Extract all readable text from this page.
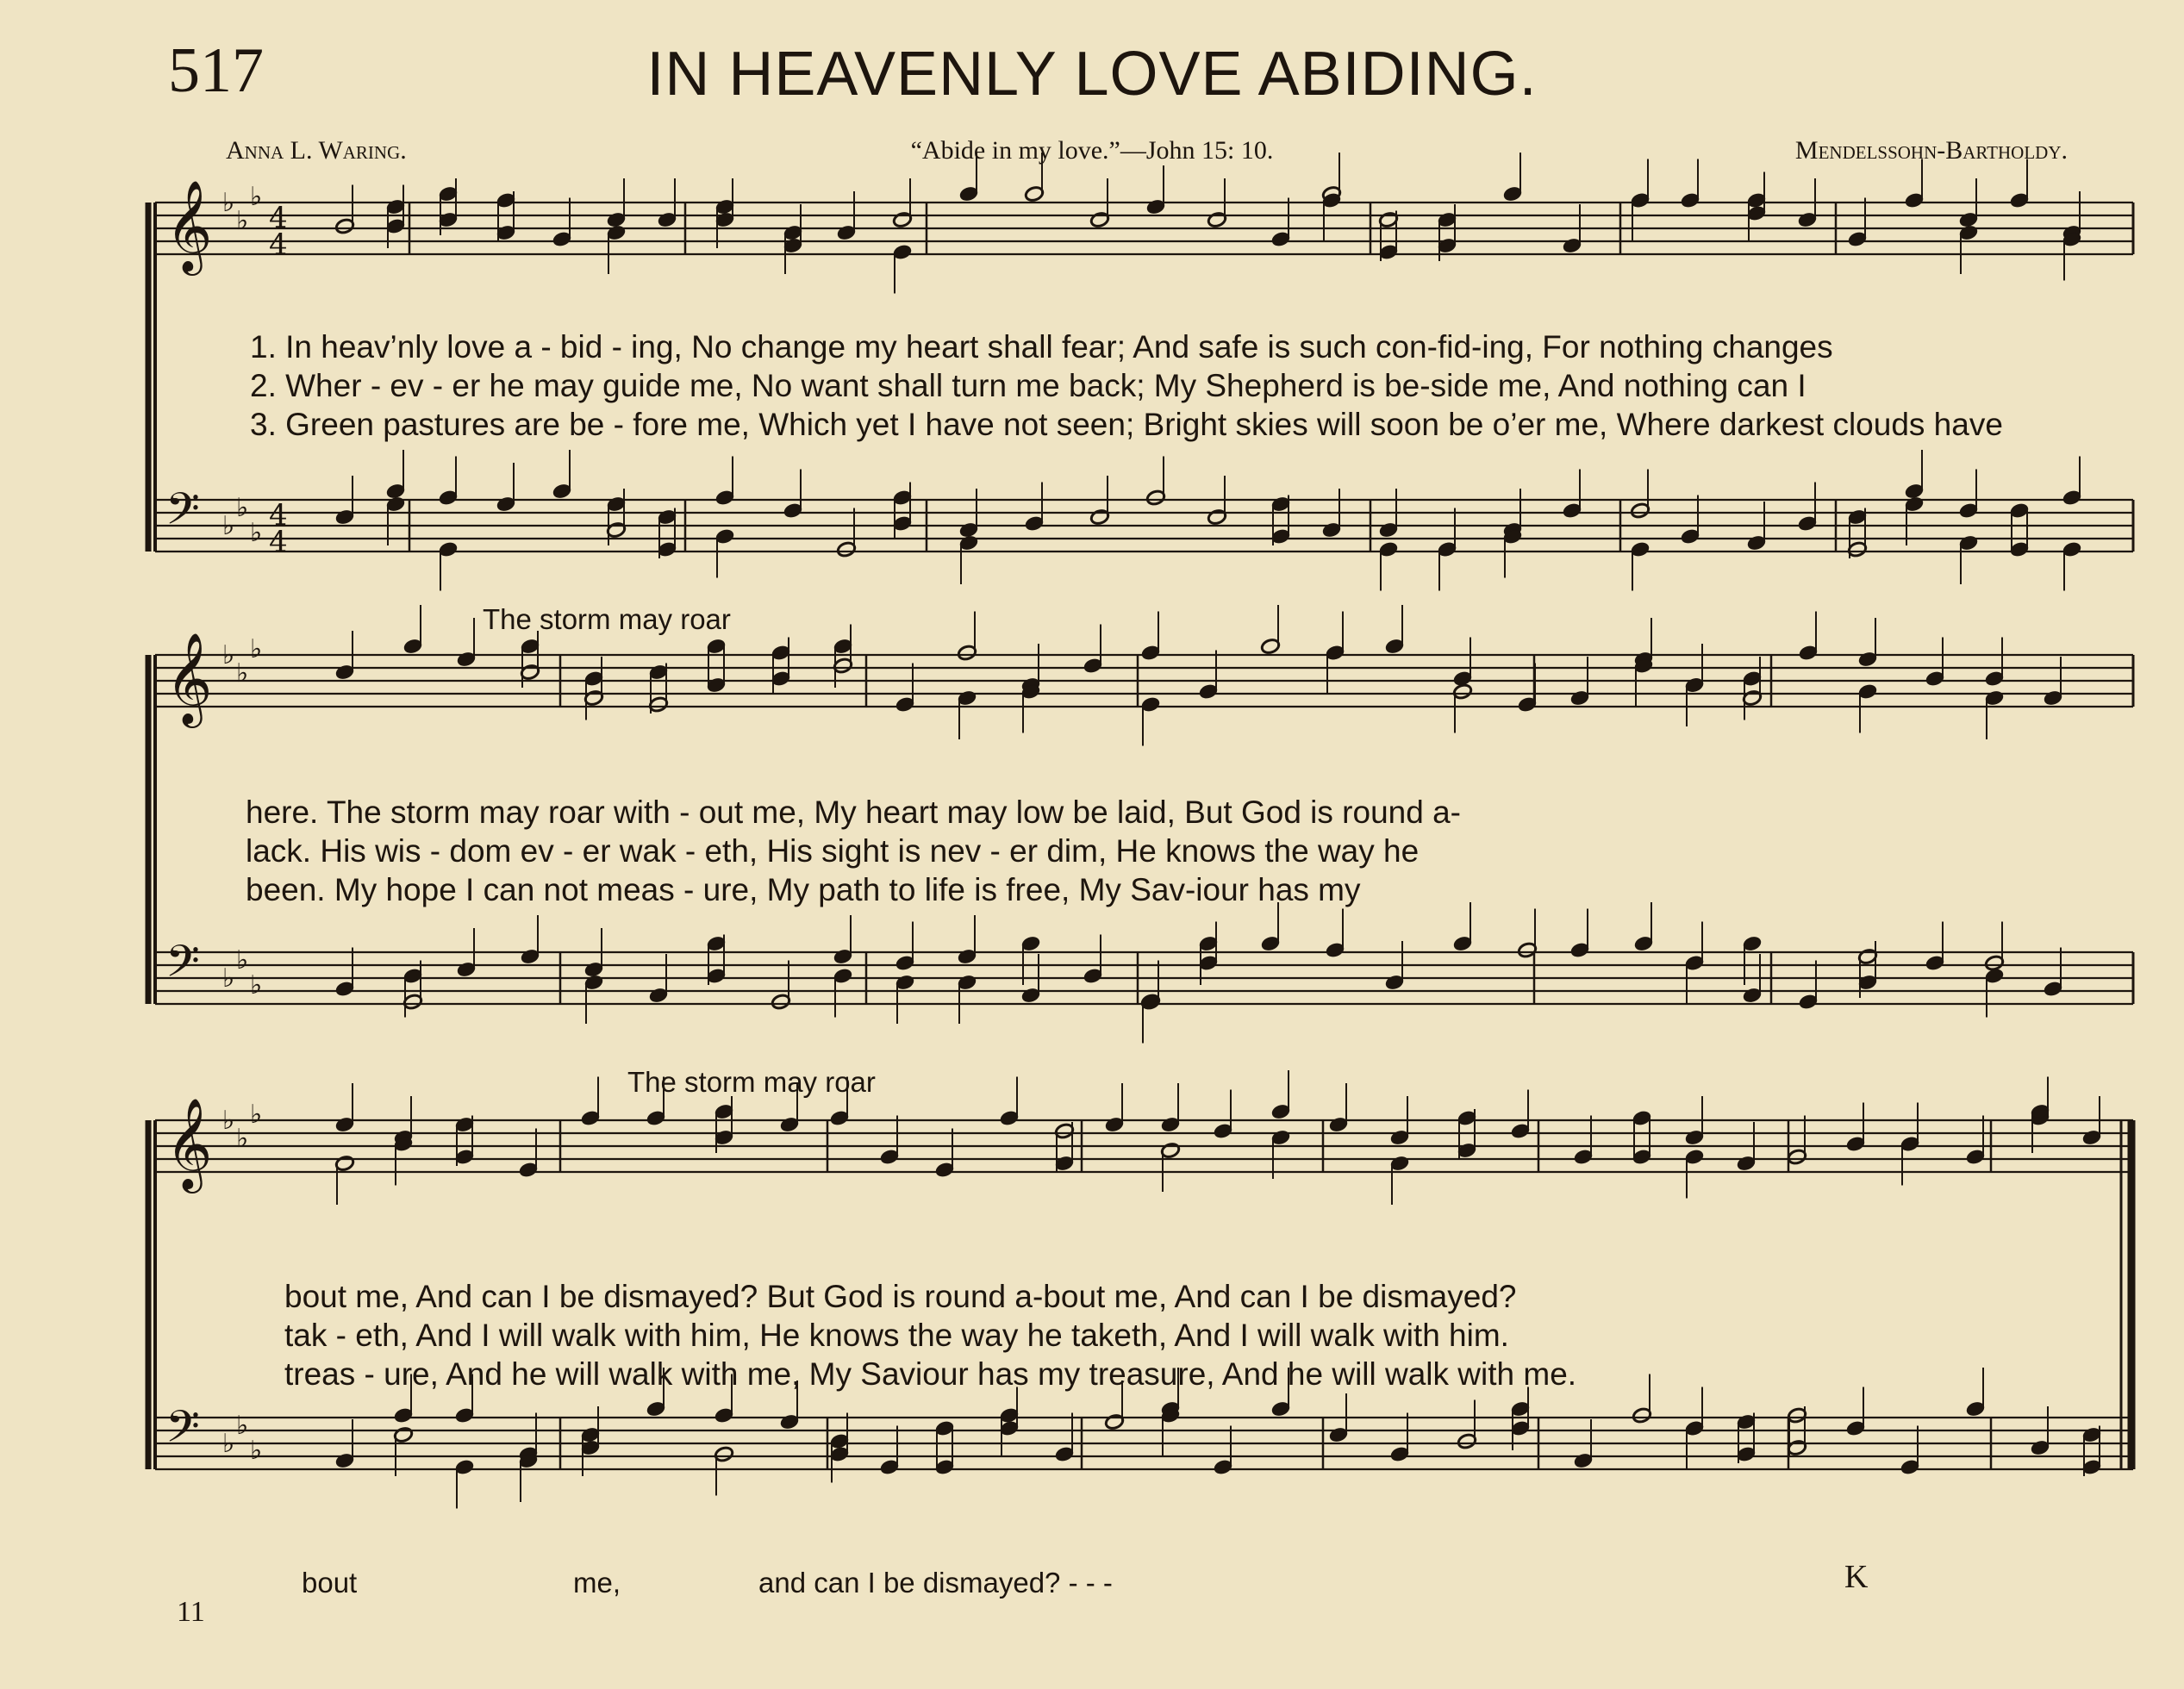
517	IN HEAVENLY LOVE ABIDING.
Anna L. Waring.	“Abide in my love.”—John 15: 10.	Mendelssohn-Bartholdy.
𝄞 ♭
♭
♭
4
4
𝄢 ♭
♭
♭
4
4
𝄞 ♭
♭
♭
𝄢 ♭
♭
♭
𝄞 ♭
♭
♭
𝄢 ♭
♭
♭
1. In heav’nly love a - bid - ing, No change my heart shall fear; And safe is such con-fid-ing, For nothing changes
2. Wher - ev - er he may guide me, No want shall turn me back; My Shepherd is be-side me, And nothing can I
3. Green pastures are be - fore me, Which yet I have not seen; Bright skies will soon be o’er me, Where darkest clouds have
The storm may roar
here. The storm may roar with - out me, My heart may low be laid, But God is round a-
lack. His wis - dom ev - er wak - eth, His sight is nev - er dim, He knows the way he
been. My hope I can not meas - ure, My path to life is free, My Sav-iour has my
The storm may roar
bout me, And can I be dismayed? But God is round a-bout me, And can I be dismayed?
tak - eth, And I will walk with him, He knows the way he taketh, And I will walk with him.
treas - ure, And he will walk with me, My Saviour has my treasure, And he will walk with me.
bout	me,	and can I be dismayed? - - -
11
K
